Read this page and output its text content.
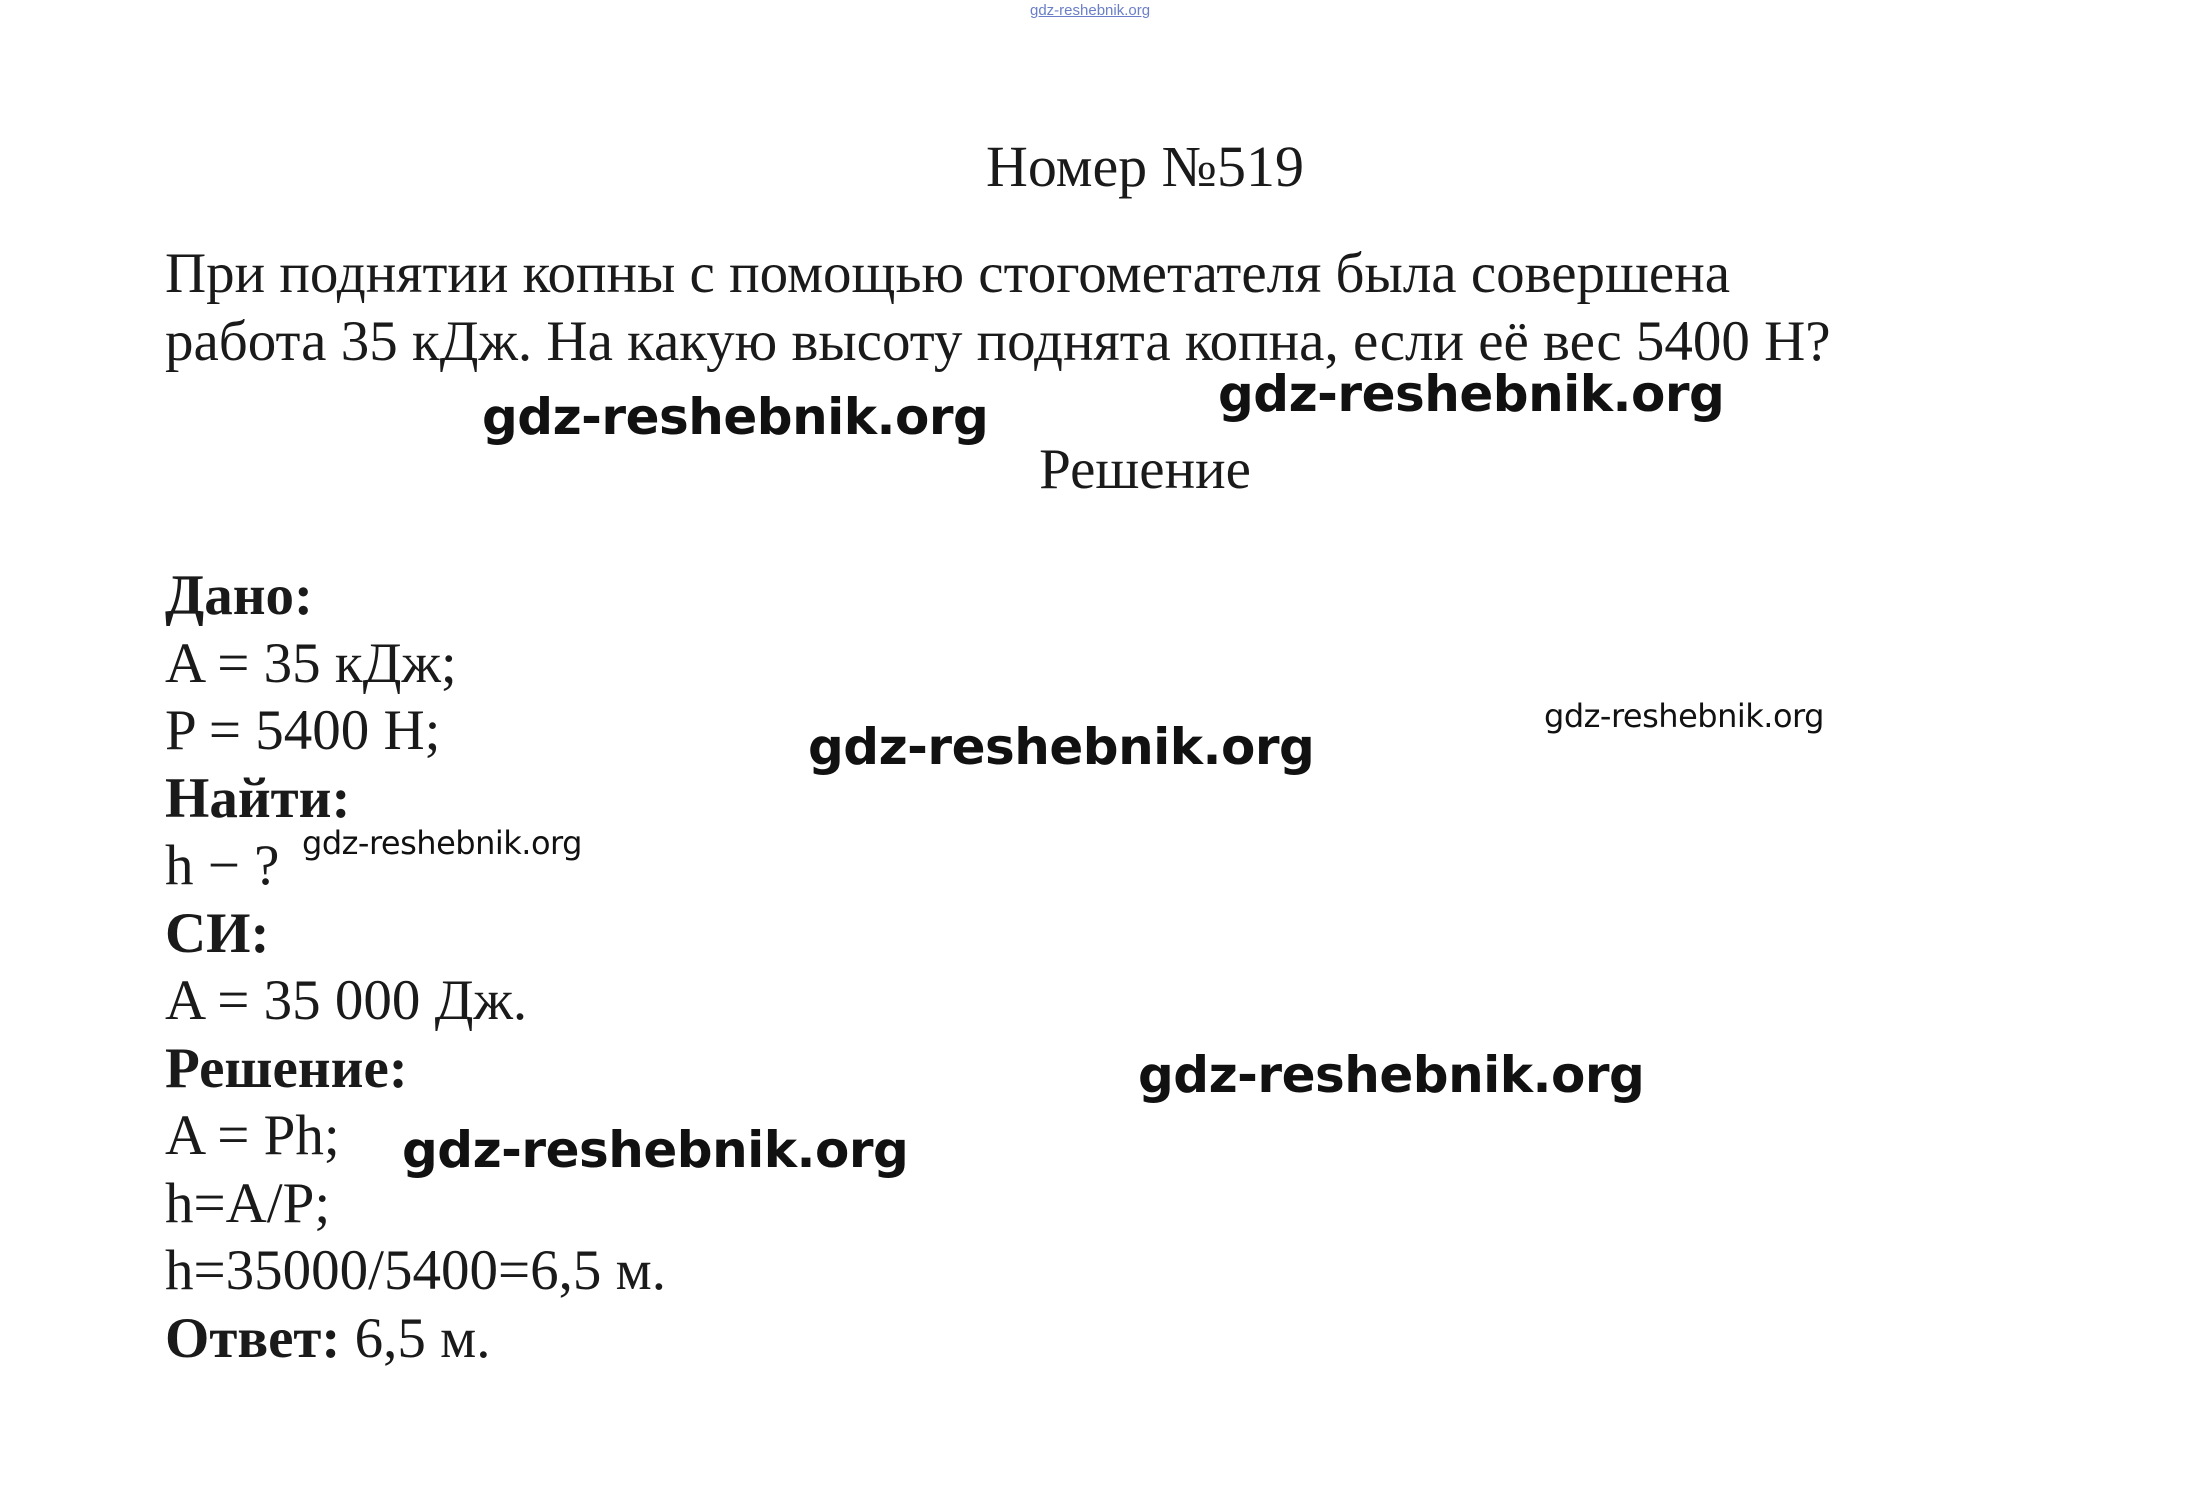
gdz-reshebnik.org
Номер №519
При поднятии копны с помощью стогометателя была совершена
работа 35 кДж. На какую высоту поднята копна, если её вес 5400 Н?
Решение
Дано:
A = 35 кДж;
P = 5400 Н;
Найти:
h − ?
СИ:
A = 35 000 Дж.
Решение:
A = Ph;
h=A/P;
h=35000/5400=6,5 м.
Ответ: 6,5 м.
gdz-reshebnik.org	gdz-reshebnik.org
gdz-reshebnik.org
gdz-reshebnik.org
gdz-reshebnik.org
gdz-reshebnik.org
gdz-reshebnik.org
